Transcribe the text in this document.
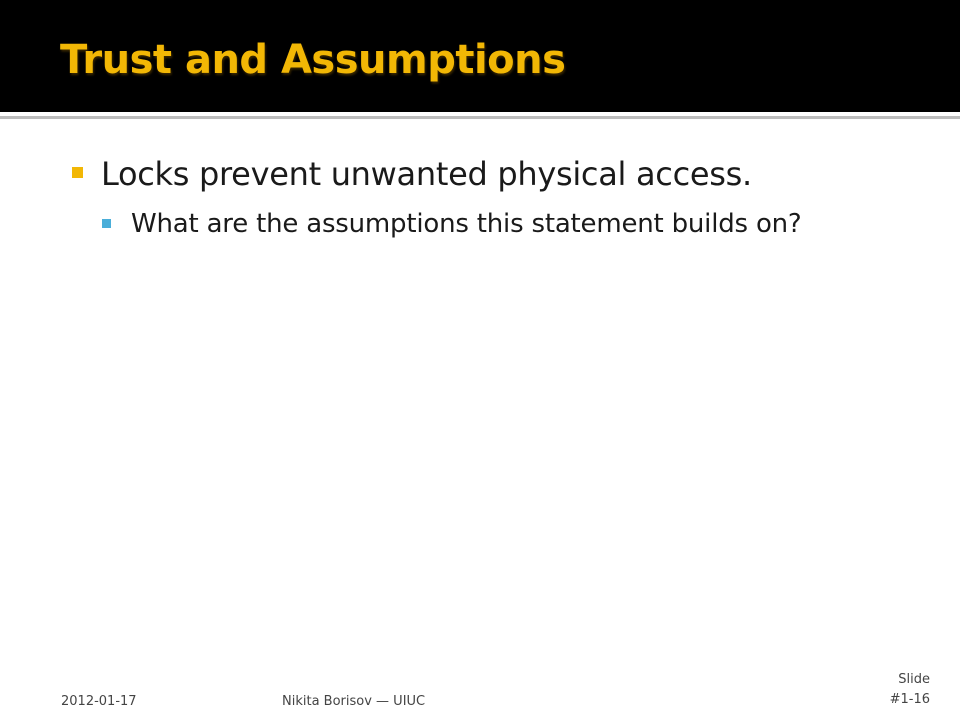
Trust and Assumptions
Locks prevent unwanted physical access.
What are the assumptions this statement builds on?
2012-01-17	Nikita Borisov — UIUC
Slide
#1-16
